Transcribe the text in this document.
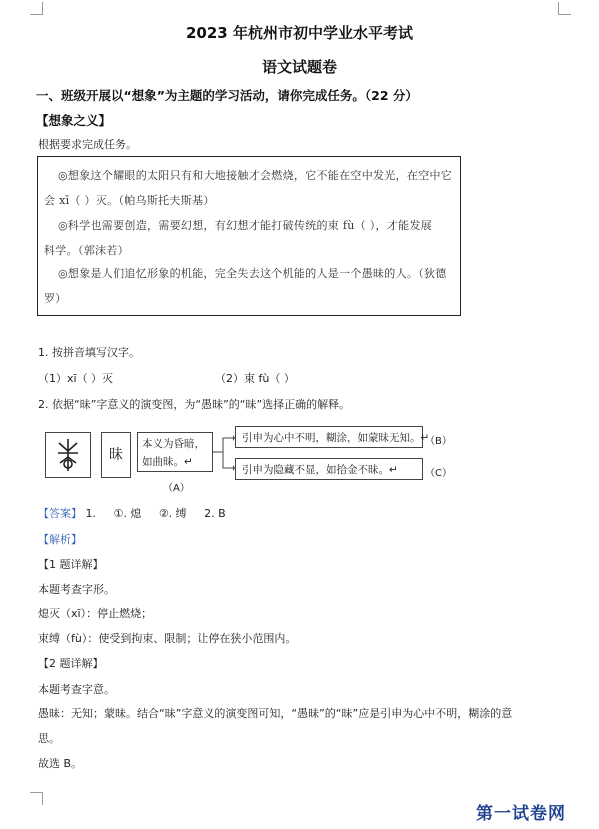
2023 年杭州市初中学业水平考试
语文试题卷
一、班级开展以“想象”为主题的学习活动，请你完成任务。（22 分）
【想象之义】
根据要求完成任务。
◎想象这个耀眼的太阳只有和大地接触才会燃烧，它不能在空中发光，在空中它
会 xī（ ）灭。（帕乌斯托夫斯基）
◎科学也需要创造，需要幻想，有幻想才能打破传统的束 fù（ ），才能发展
科学。（郭沫若）
◎想象是人们追忆形象的机能，完全失去这个机能的人是一个愚昧的人。（狄德
罗）
1. 按拼音填写汉字。
（1）xī（ ）灭	（2）束 fù（ ）
2. 依据“昧”字意义的演变图，为“愚昧”的“昧”选择正确的解释。
昧
本义为昏暗，
如曲昧。↵
（A）
引申为心中不明，糊涂，如蒙昧无知。↵
（B）
引申为隐藏不显，如拾金不昧。↵	（C）
【答案】 1.     ①. 熄     ②. 缚     2. B
【解析】
【1 题详解】
本题考查字形。
熄灭（xī）：停止燃烧；
束缚（fù）：使受到拘束、限制；让停在狭小范围内。
【2 题详解】
本题考查字意。
愚昧：无知；蒙昧。结合“昧”字意义的演变图可知，“愚昧”的“昧”应是引申为心中不明，糊涂的意
思。
故选 B。
第一试卷网
